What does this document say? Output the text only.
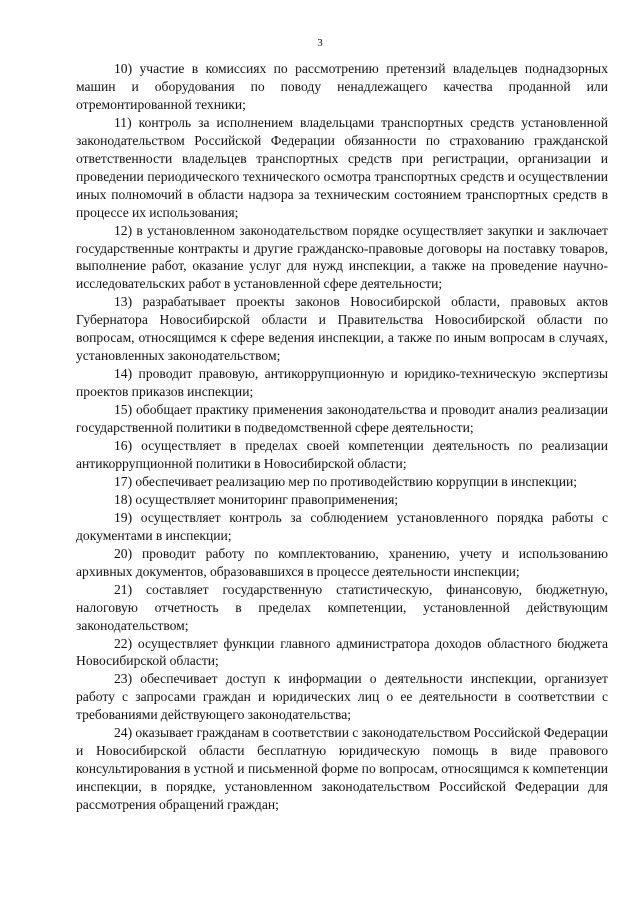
3

10) участие в комиссиях по рассмотрению претензий владельцев поднадзорных машин и оборудования по поводу ненадлежащего качества проданной или отремонтированной техники;

11) контроль за исполнением владельцами транспортных средств установленной законодательством Российской Федерации обязанности по страхованию гражданской ответственности владельцев транспортных средств при регистрации, организации и проведении периодического технического осмотра транспортных средств и осуществлении иных полномочий в области надзора за техническим состоянием транспортных средств в процессе их использования;

12) в установленном законодательством порядке осуществляет закупки и заключает государственные контракты и другие гражданско-правовые договоры на поставку товаров, выполнение работ, оказание услуг для нужд инспекции, а также на проведение научно-исследовательских работ в установленной сфере деятельности;

13) разрабатывает проекты законов Новосибирской области, правовых актов Губернатора Новосибирской области и Правительства Новосибирской области по вопросам, относящимся к сфере ведения инспекции, а также по иным вопросам в случаях, установленных законодательством;

14) проводит правовую, антикоррупционную и юридико-техническую экспертизы проектов приказов инспекции;

15) обобщает практику применения законодательства и проводит анализ реализации государственной политики в подведомственной сфере деятельности;

16) осуществляет в пределах своей компетенции деятельность по реализации антикоррупционной политики в Новосибирской области;

17) обеспечивает реализацию мер по противодействию коррупции в инспекции;

18) осуществляет мониторинг правоприменения;

19) осуществляет контроль за соблюдением установленного порядка работы с документами в инспекции;

20) проводит работу по комплектованию, хранению, учету и использованию архивных документов, образовавшихся в процессе деятельности инспекции;

21) составляет государственную статистическую, финансовую, бюджетную, налоговую отчетность в пределах компетенции, установленной действующим законодательством;

22) осуществляет функции главного администратора доходов областного бюджета Новосибирской области;

23) обеспечивает доступ к информации о деятельности инспекции, организует работу с запросами граждан и юридических лиц о ее деятельности в соответствии с требованиями действующего законодательства;

24) оказывает гражданам в соответствии с законодательством Российской Федерации и Новосибирской области бесплатную юридическую помощь в виде правового консультирования в устной и письменной форме по вопросам, относящимся к компетенции инспекции, в порядке, установленном законодательством Российской Федерации для рассмотрения обращений граждан;
